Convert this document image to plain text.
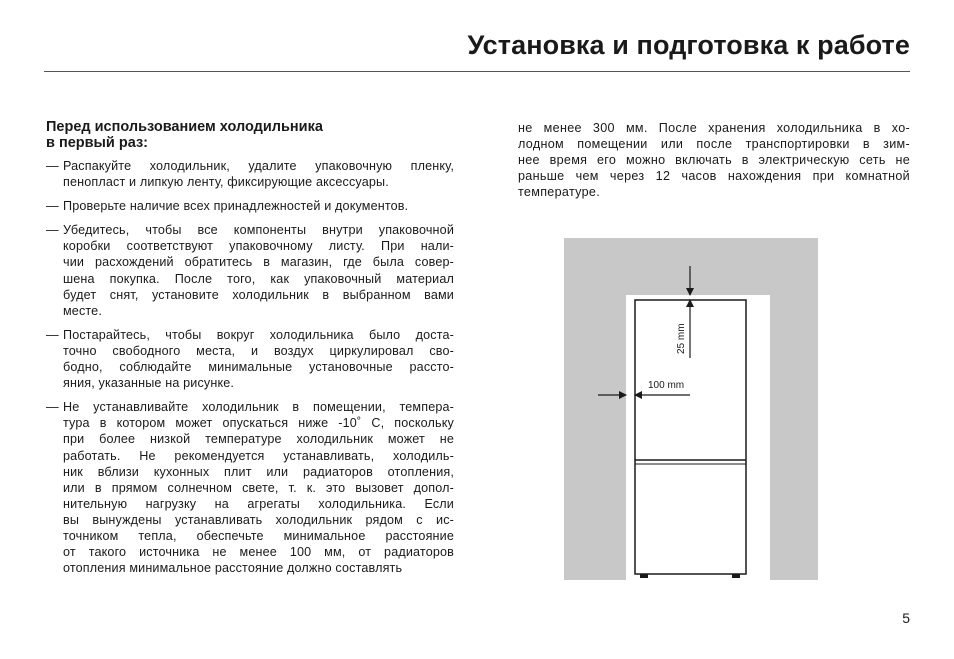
Установка и подготовка к работе
Перед использованием холодильника
в первый раз:
— Распакуйте холодильник, удалите упаковочную пленку,
пенопласт и липкую ленту, фиксирующие аксессуары.
— Проверьте наличие всех принадлежностей и документов.
— Убедитесь, чтобы все компоненты внутри упаковочной
коробки соответствуют упаковочному листу. При нали-
чии расхождений обратитесь в магазин, где была совер-
шена покупка. После того, как упаковочный материал
будет снят, установите холодильник в выбранном вами
месте.
— Постарайтесь, чтобы вокруг холодильника было доста-
точно свободного места, и воздух циркулировал сво-
бодно, соблюдайте минимальные установочные рассто-
яния, указанные на рисунке.
— Не устанавливайте холодильник в помещении, темпера-
тура в котором может опускаться ниже -10˚ С, поскольку
при более низкой температуре холодильник может не
работать. Не рекомендуется устанавливать, холодиль-
ник вблизи кухонных плит или радиаторов отопления,
или в прямом солнечном свете, т. к. это вызовет допол-
нительную нагрузку на агрегаты холодильника. Если
вы вынуждены устанавливать холодильник рядом с ис-
точником тепла, обеспечьте минимальное расстояние
от такого источника не менее 100 мм, от радиаторов
отопления минимальное расстояние должно составлять
не менее 300 мм. После хранения холодильника в хо-
лодном помещении или после транспортировки в зим-
нее время его можно включать в электрическую сеть не
раньше чем через 12 часов нахождения при комнатной
температуре.
25 mm
100 mm
5
